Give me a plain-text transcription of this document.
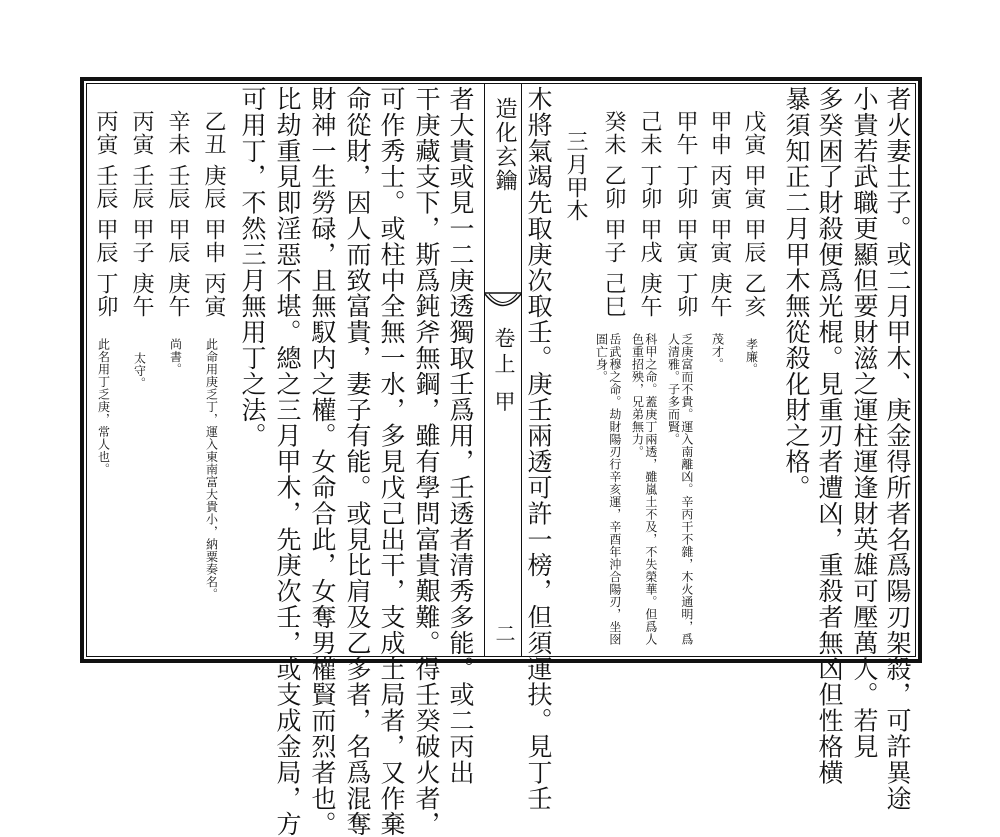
者火妻土子。或二月甲木、庚金得所者名爲陽刃架殺，可許異途
小貴若武職更顯但要財滋之運柱運逢財英雄可壓萬人。若見
多癸困了財殺便爲光棍。見重刃者遭凶，重殺者無凶但性格横
暴須知正二月甲木無從殺化財之格。
戊寅 甲寅 甲辰 乙亥
孝廉。
甲申 丙寅 甲寅 庚午
茂才。
甲午 丁卯 甲寅 丁卯
乏庚富而不貴。運入南離凶。辛丙干不雜，木火通明，爲人清雅。子多而賢。
己未 丁卯 甲戌 庚午
科甲之命。蓋庚丁兩透，雖嵐土不及，不失榮華。但爲人色重招殃，兄弟無力。
癸未 乙卯 甲子 己巳
岳武穆之命。劫財陽刃行辛亥運，辛酉年沖合陽刃，坐囹圄亡身。
三月甲木
木將氣竭先取庚次取壬。庚壬兩透可許一榜，但須運扶。見丁壬
造化玄鑰
卷上 甲
二
者大貴或見一二庚透獨取壬爲用，壬透者清秀多能。或二丙出
干庚藏支下，斯爲鈍斧無鋼，雖有學問富貴艱難。得壬癸破火者，
可作秀士。或柱中全無一水，多見戊己出干，支成土局者，又作棄
命從財，因人而致富貴，妻子有能。或見比肩及乙多者，名爲混奪
財神一生勞碌，且無馭内之權。女命合此，女奪男權賢而烈者也。
比劫重見即淫惡不堪。總之三月甲木，先庚次壬，或支成金局，方
可用丁，不然三月無用丁之法。
乙丑 庚辰 甲申 丙寅
此命用庚乏丁，運入東南富大貴小，納粟奏名。
辛未 壬辰 甲辰 庚午
尚書。
丙寅 壬辰 甲子 庚午
太守。
丙寅 壬辰 甲辰 丁卯
此名用丁乏庚，常人也。
